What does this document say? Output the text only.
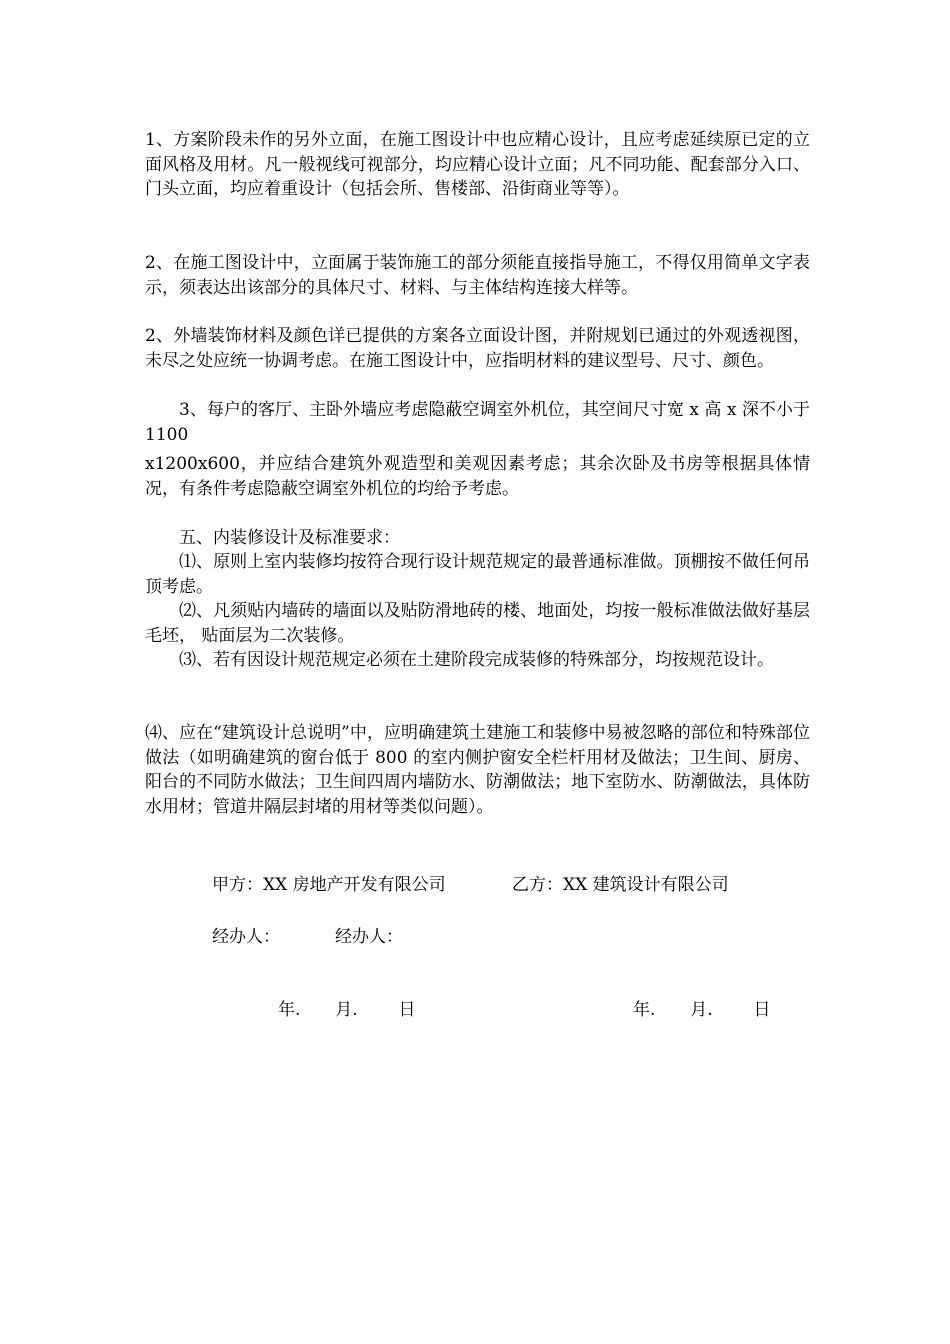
1、方案阶段未作的另外立面，在施工图设计中也应精心设计，且应考虑延续原已定的立面风格及用材。凡一般视线可视部分，均应精心设计立面；凡不同功能、配套部分入口、门头立面，均应着重设计（包括会所、售楼部、沿街商业等等）。

2、在施工图设计中，立面属于装饰施工的部分须能直接指导施工，不得仅用简单文字表示，须表达出该部分的具体尺寸、材料、与主体结构连接大样等。

2、外墙装饰材料及颜色详已提供的方案各立面设计图，并附规划已通过的外观透视图，未尽之处应统一协调考虑。在施工图设计中，应指明材料的建议型号、尺寸、颜色。

3、每户的客厅、主卧外墙应考虑隐蔽空调室外机位，其空间尺寸宽 x 高 x 深不小于 1100

x1200x600，并应结合建筑外观造型和美观因素考虑；其余次卧及书房等根据具体情况，有条件考虑隐蔽空调室外机位的均给予考虑。

五、内装修设计及标准要求：

⑴、原则上室内装修均按符合现行设计规范规定的最普通标准做。顶棚按不做任何吊顶考虑。

⑵、凡须贴内墙砖的墙面以及贴防滑地砖的楼、地面处，均按一般标准做法做好基层毛坯， 贴面层为二次装修。

⑶、若有因设计规范规定必须在土建阶段完成装修的特殊部分，均按规范设计。

⑷、应在“建筑设计总说明”中，应明确建筑土建施工和装修中易被忽略的部位和特殊部位做法（如明确建筑的窗台低于 800 的室内侧护窗安全栏杆用材及做法；卫生间、厨房、阳台的不同防水做法；卫生间四周内墙防水、防潮做法；地下室防水、防潮做法，具体防水用材；管道井隔层封堵的用材等类似问题）。

甲方：XX 房地产开发有限公司	乙方：XX 建筑设计有限公司
经办人：	经办人：
年. 月. 日	年. 月. 日
